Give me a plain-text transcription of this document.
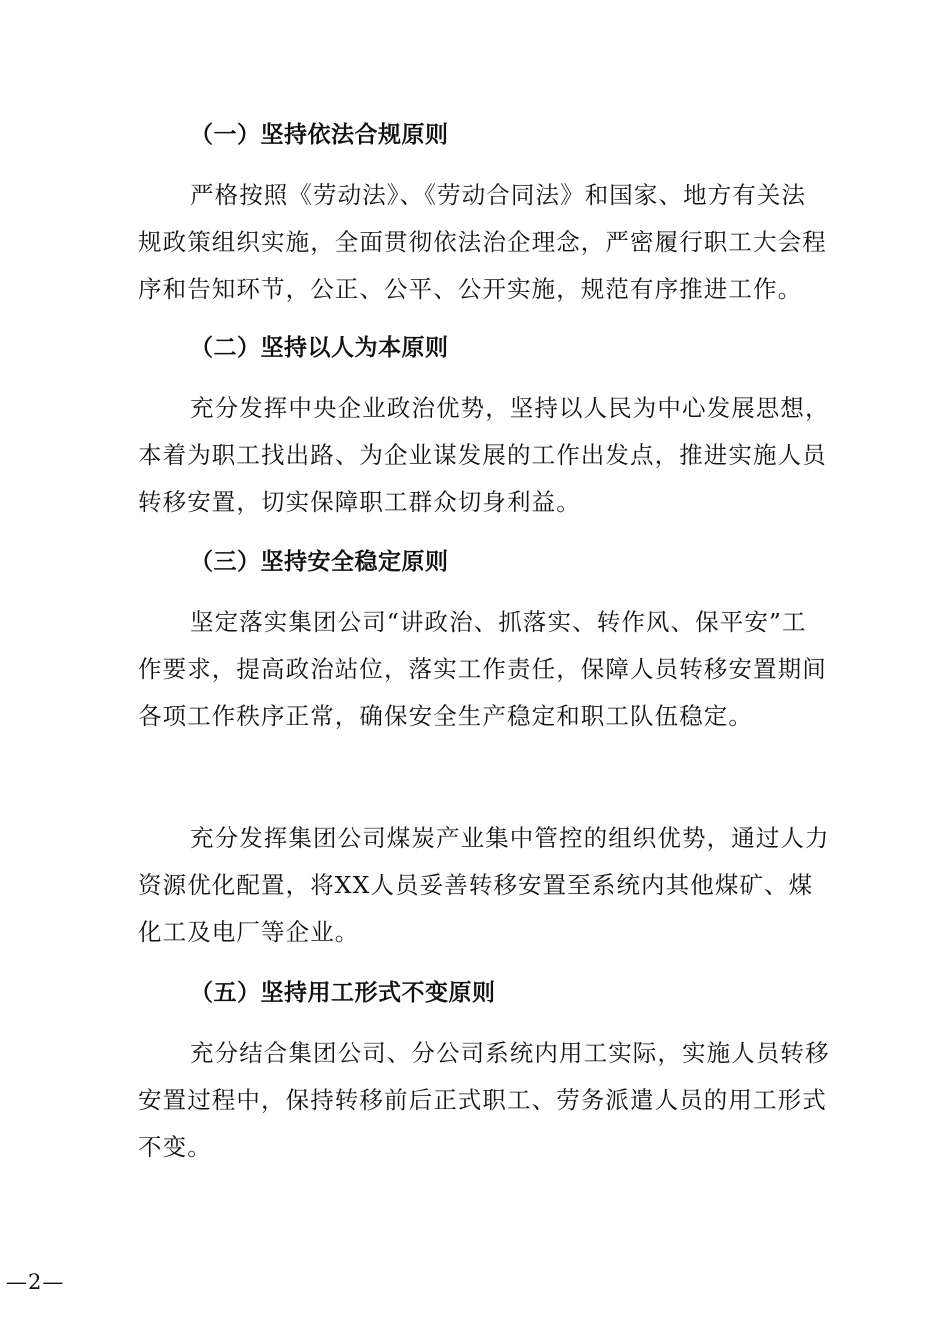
（一）坚持依法合规原则
严格按照《劳动法》、《劳动合同法》和国家、地方有关法
规政策组织实施，全面贯彻依法治企理念，严密履行职工大会程
序和告知环节，公正、公平、公开实施，规范有序推进工作。
（二）坚持以人为本原则
充分发挥中央企业政治优势，坚持以人民为中心发展思想，
本着为职工找出路、为企业谋发展的工作出发点，推进实施人员
转移安置，切实保障职工群众切身利益。
（三）坚持安全稳定原则
坚定落实集团公司“讲政治、抓落实、转作风、保平安”工
作要求，提高政治站位，落实工作责任，保障人员转移安置期间
各项工作秩序正常，确保安全生产稳定和职工队伍稳定。
充分发挥集团公司煤炭产业集中管控的组织优势，通过人力
资源优化配置，将XX人员妥善转移安置至系统内其他煤矿、煤
化工及电厂等企业。
（五）坚持用工形式不变原则
充分结合集团公司、分公司系统内用工实际，实施人员转移
安置过程中，保持转移前后正式职工、劳务派遣人员的用工形式
不变。
—2—
